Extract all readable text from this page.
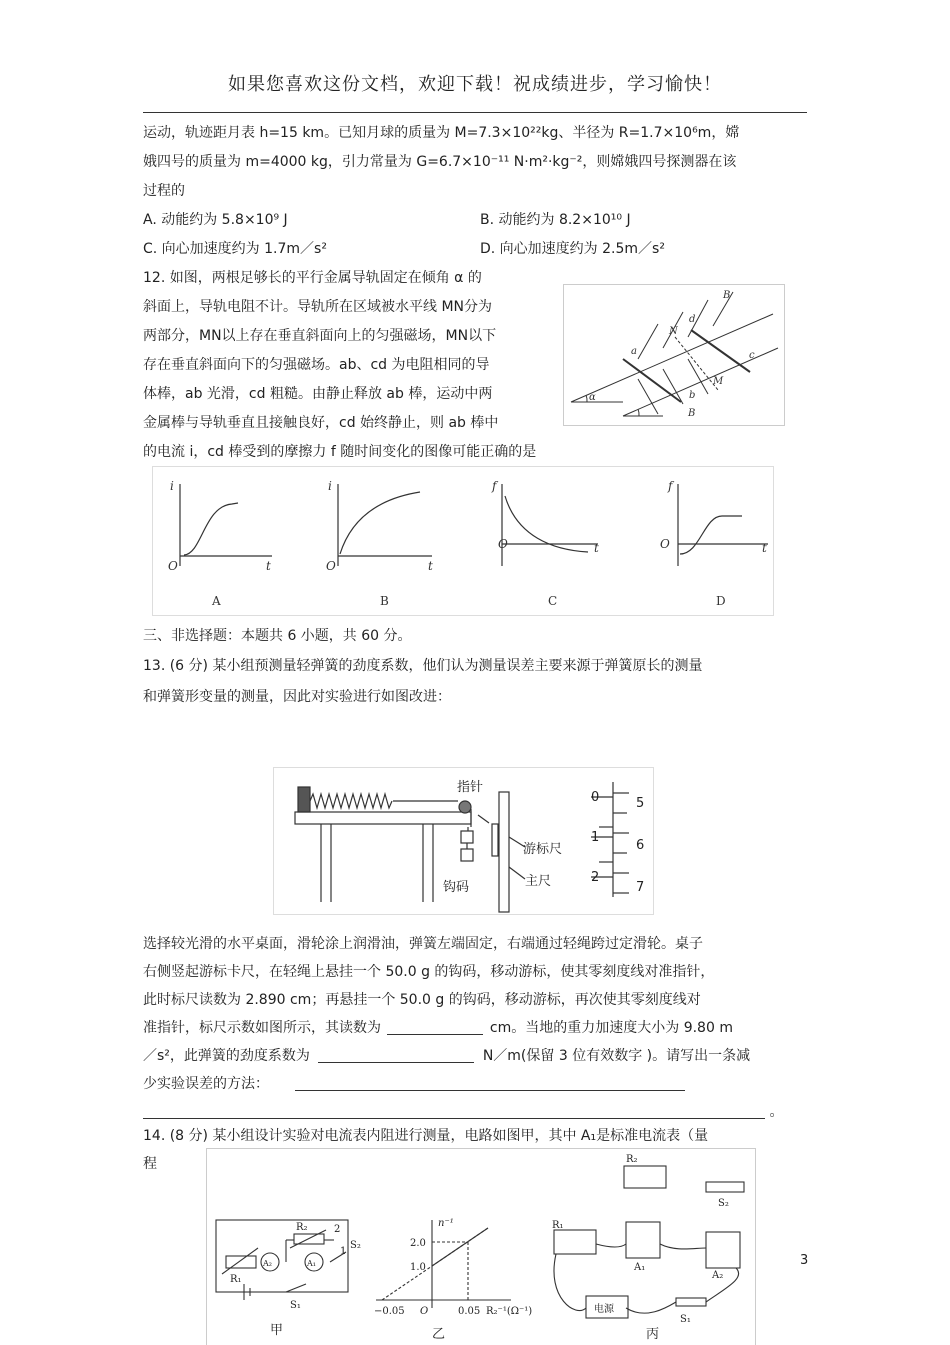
如果您喜欢这份文档，欢迎下载！祝成绩进步，学习愉快！
运动，轨迹距月表 h=15 km。已知月球的质量为 M=7.3×10²²kg、半径为 R=1.7×10⁶m，嫦
娥四号的质量为 m=4000 kg，引力常量为 G=6.7×10⁻¹¹ N·m²·kg⁻²，则嫦娥四号探测器在该
过程的
A. 动能约为 5.8×10⁹ J	B. 动能约为 8.2×10¹⁰ J
C. 向心加速度约为 1.7m／s²	D. 向心加速度约为 2.5m／s²
12. 如图，两根足够长的平行金属导轨固定在倾角 α 的
斜面上，导轨电阻不计。导轨所在区域被水平线 MN分为
两部分，MN以上存在垂直斜面向上的匀强磁场，MN以下
存在垂直斜面向下的匀强磁场。ab、cd 为电阻相同的导
体棒，ab 光滑，cd 粗糙。由静止释放 ab 棒，运动中两
金属棒与导轨垂直且接触良好，cd 始终静止，则 ab 棒中
的电流 i，cd 棒受到的摩擦力 f 随时间变化的图像可能正确的是
B
B
N
M
a
b
c
d
α
i
t
O
A
i
t
O
B
f
t
O
C
f
t
O
D
三、非选择题：本题共 6 小题，共 60 分。
13. (6 分) 某小组预测量轻弹簧的劲度系数，他们认为测量误差主要来源于弹簧原长的测量
和弹簧形变量的测量，因此对实验进行如图改进：
指针
游标尺
钩码	主尺
0
1
2
5
6
7
选择较光滑的水平桌面，滑轮涂上润滑油，弹簧左端固定，右端通过轻绳跨过定滑轮。桌子
右侧竖起游标卡尺，在轻绳上悬挂一个 50.0 g 的钩码，移动游标，使其零刻度线对准指针，
此时标尺读数为 2.890 cm；再悬挂一个 50.0 g 的钩码，移动游标，再次使其零刻度线对
准指针，标尺示数如图所示，其读数为	cm。当地的重力加速度大小为 9.80 m
／s²，此弹簧的劲度系数为	N／m(保留 3 位有效数字 )。请写出一条减
少实验误差的方法：
。
14. (8 分) 某小组设计实验对电流表内阻进行测量，电路如图甲，其中 A₁是标准电流表（量
程
R₁
R₂
A₂	A₁
S₂
S₁
2
1
甲
n⁻¹
2.0
1.0
−0.05 O	0.05 R₂⁻¹(Ω⁻¹)
乙
R₂
R₁
A₁
A₂
S₂
S₁
电源
丙
3
